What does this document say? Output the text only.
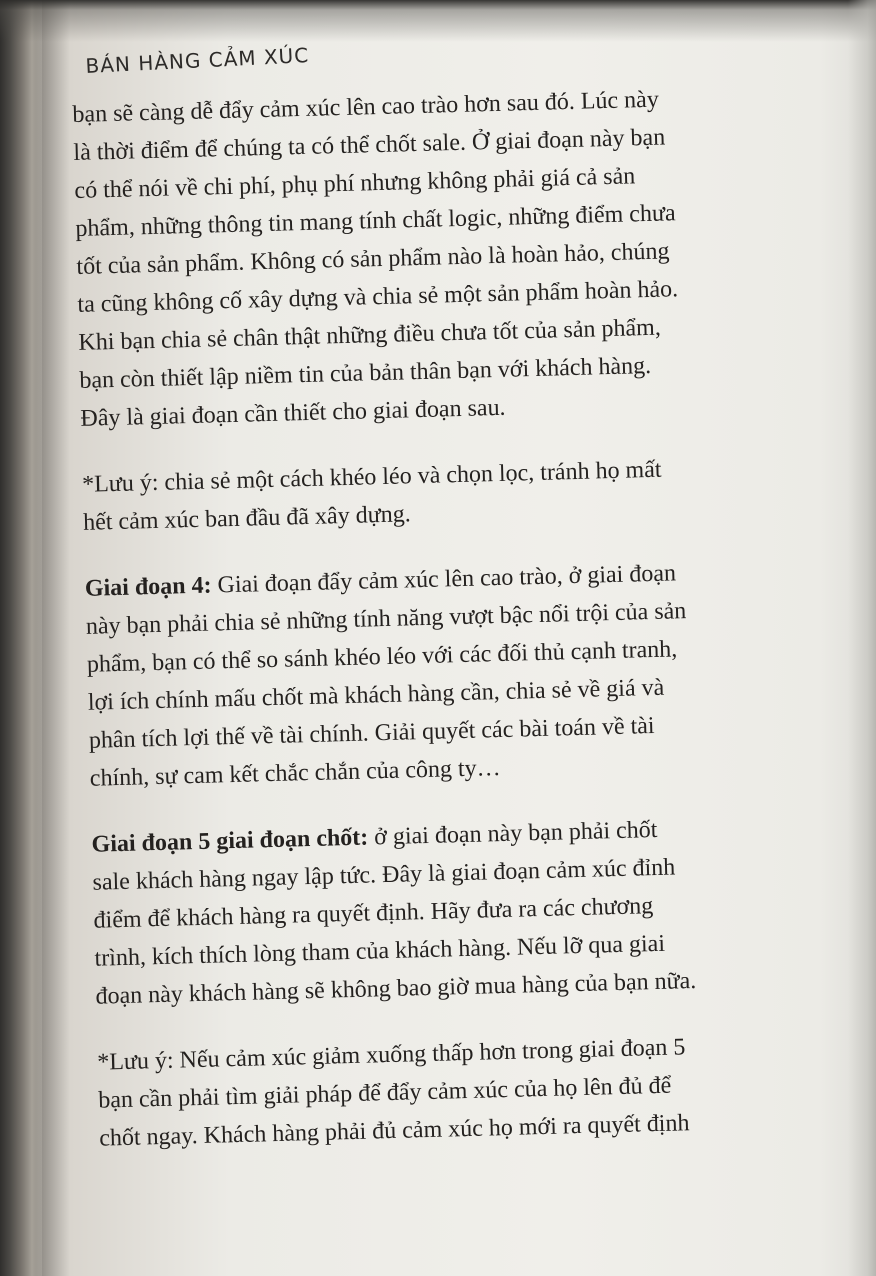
BÁN HÀNG CẢM XÚC
bạn sẽ càng dễ đẩy cảm xúc lên cao trào hơn sau đó. Lúc này
là thời điểm để chúng ta có thể chốt sale. Ở giai đoạn này bạn
có thể nói về chi phí, phụ phí nhưng không phải giá cả sản
phẩm, những thông tin mang tính chất logic, những điểm chưa
tốt của sản phẩm. Không có sản phẩm nào là hoàn hảo, chúng
ta cũng không cố xây dựng và chia sẻ một sản phẩm hoàn hảo.
Khi bạn chia sẻ chân thật những điều chưa tốt của sản phẩm,
bạn còn thiết lập niềm tin của bản thân bạn với khách hàng.
Đây là giai đoạn cần thiết cho giai đoạn sau.
*Lưu ý: chia sẻ một cách khéo léo và chọn lọc, tránh họ mất
hết cảm xúc ban đầu đã xây dựng.
Giai đoạn 4: Giai đoạn đẩy cảm xúc lên cao trào, ở giai đoạn
này bạn phải chia sẻ những tính năng vượt bậc nổi trội của sản
phẩm, bạn có thể so sánh khéo léo với các đối thủ cạnh tranh,
lợi ích chính mấu chốt mà khách hàng cần, chia sẻ về giá và
phân tích lợi thế về tài chính. Giải quyết các bài toán về tài
chính, sự cam kết chắc chắn của công ty…
Giai đoạn 5 giai đoạn chốt: ở giai đoạn này bạn phải chốt
sale khách hàng ngay lập tức. Đây là giai đoạn cảm xúc đỉnh
điểm để khách hàng ra quyết định. Hãy đưa ra các chương
trình, kích thích lòng tham của khách hàng. Nếu lỡ qua giai
đoạn này khách hàng sẽ không bao giờ mua hàng của bạn nữa.
*Lưu ý: Nếu cảm xúc giảm xuống thấp hơn trong giai đoạn 5
bạn cần phải tìm giải pháp để đẩy cảm xúc của họ lên đủ để
chốt ngay. Khách hàng phải đủ cảm xúc họ mới ra quyết định
